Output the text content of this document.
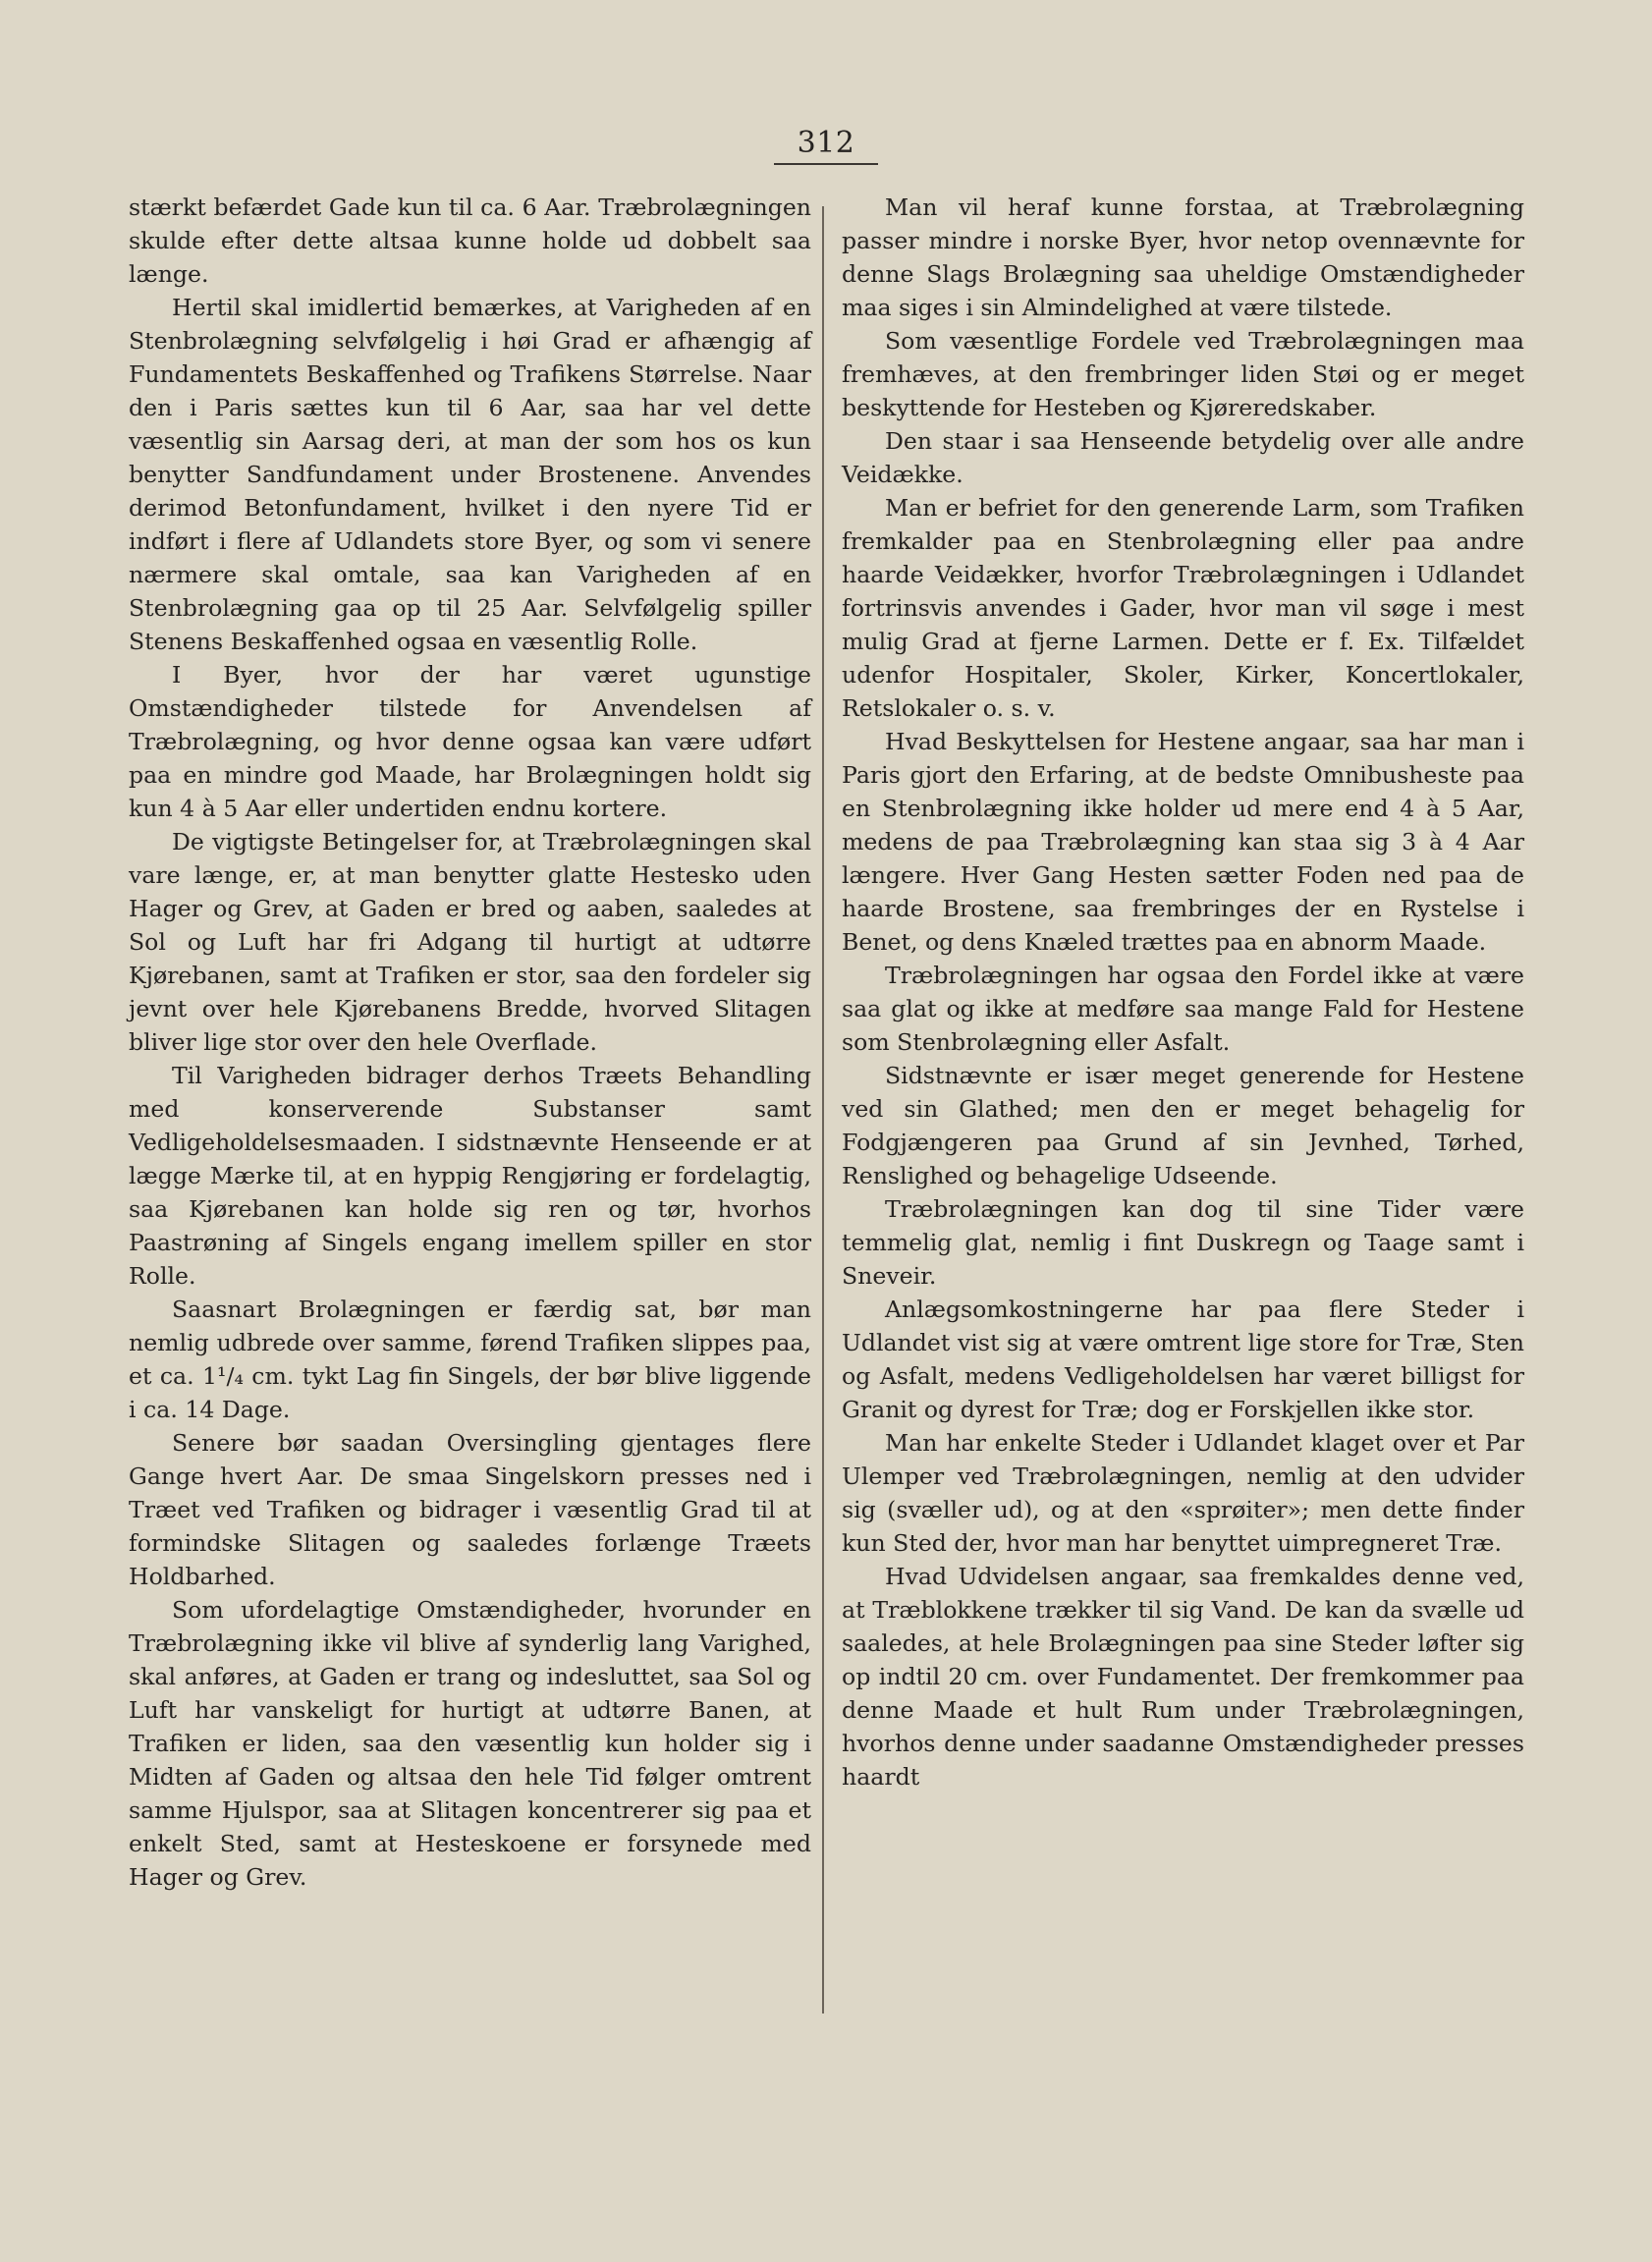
312

stærkt befærdet Gade kun til ca. 6 Aar. Træbrolægningen skulde efter dette altsaa kunne holde ud dobbelt saa længe.

Hertil skal imidlertid bemærkes, at Varigheden af en Stenbrolægning selvfølgelig i høi Grad er afhængig af Fundamentets Beskaffenhed og Trafikens Størrelse. Naar den i Paris sættes kun til 6 Aar, saa har vel dette væsentlig sin Aarsag deri, at man der som hos os kun benytter Sandfundament under Brostenene. Anvendes derimod Betonfundament, hvilket i den nyere Tid er indført i flere af Udlandets store Byer, og som vi senere nærmere skal omtale, saa kan Varigheden af en Stenbrolægning gaa op til 25 Aar. Selvfølgelig spiller Stenens Beskaffenhed ogsaa en væsentlig Rolle.

I Byer, hvor der har været ugunstige Omstændigheder tilstede for Anvendelsen af Træbrolægning, og hvor denne ogsaa kan være udført paa en mindre god Maade, har Brolægningen holdt sig kun 4 à 5 Aar eller undertiden endnu kortere.

De vigtigste Betingelser for, at Træbrolægningen skal vare længe, er, at man benytter glatte Hestesko uden Hager og Grev, at Gaden er bred og aaben, saaledes at Sol og Luft har fri Adgang til hurtigt at udtørre Kjørebanen, samt at Trafiken er stor, saa den fordeler sig jevnt over hele Kjørebanens Bredde, hvorved Slitagen bliver lige stor over den hele Overflade.

Til Varigheden bidrager derhos Træets Behandling med konserverende Substanser samt Vedligeholdelsesmaaden. I sidstnævnte Henseende er at lægge Mærke til, at en hyppig Rengjøring er fordelagtig, saa Kjørebanen kan holde sig ren og tør, hvorhos Paastrøning af Singels engang imellem spiller en stor Rolle.

Saasnart Brolægningen er færdig sat, bør man nemlig udbrede over samme, førend Trafiken slippes paa, et ca. 1¹/₄ cm. tykt Lag fin Singels, der bør blive liggende i ca. 14 Dage.

Senere bør saadan Oversingling gjentages flere Gange hvert Aar. De smaa Singelskorn presses ned i Træet ved Trafiken og bidrager i væsentlig Grad til at formindske Slitagen og saaledes forlænge Træets Holdbarhed.

Som ufordelagtige Omstændigheder, hvorunder en Træbrolægning ikke vil blive af synderlig lang Varighed, skal anføres, at Gaden er trang og indesluttet, saa Sol og Luft har vanskeligt for hurtigt at udtørre Banen, at Trafiken er liden, saa den væsentlig kun holder sig i Midten af Gaden og altsaa den hele Tid følger omtrent samme Hjulspor, saa at Slitagen koncentrerer sig paa et enkelt Sted, samt at Hesteskoene er forsynede med Hager og Grev.

Man vil heraf kunne forstaa, at Træbrolægning passer mindre i norske Byer, hvor netop ovennævnte for denne Slags Brolægning saa uheldige Omstændigheder maa siges i sin Almindelighed at være tilstede.

Som væsentlige Fordele ved Træbrolægningen maa fremhæves, at den frembringer liden Støi og er meget beskyttende for Hesteben og Kjøreredskaber.

Den staar i saa Henseende betydelig over alle andre Veidække.

Man er befriet for den generende Larm, som Trafiken fremkalder paa en Stenbrolægning eller paa andre haarde Veidækker, hvorfor Træbrolægningen i Udlandet fortrinsvis anvendes i Gader, hvor man vil søge i mest mulig Grad at fjerne Larmen. Dette er f. Ex. Tilfældet udenfor Hospitaler, Skoler, Kirker, Koncertlokaler, Retslokaler o. s. v.

Hvad Beskyttelsen for Hestene angaar, saa har man i Paris gjort den Erfaring, at de bedste Omnibusheste paa en Stenbrolægning ikke holder ud mere end 4 à 5 Aar, medens de paa Træbrolægning kan staa sig 3 à 4 Aar længere. Hver Gang Hesten sætter Foden ned paa de haarde Brostene, saa frembringes der en Rystelse i Benet, og dens Knæled trættes paa en abnorm Maade.

Træbrolægningen har ogsaa den Fordel ikke at være saa glat og ikke at medføre saa mange Fald for Hestene som Stenbrolægning eller Asfalt.

Sidstnævnte er især meget generende for Hestene ved sin Glathed; men den er meget behagelig for Fodgjængeren paa Grund af sin Jevnhed, Tørhed, Renslighed og behagelige Udseende.

Træbrolægningen kan dog til sine Tider være temmelig glat, nemlig i fint Duskregn og Taage samt i Sneveir.

Anlægsomkostningerne har paa flere Steder i Udlandet vist sig at være omtrent lige store for Træ, Sten og Asfalt, medens Vedligeholdelsen har været billigst for Granit og dyrest for Træ; dog er Forskjellen ikke stor.

Man har enkelte Steder i Udlandet klaget over et Par Ulemper ved Træbrolægningen, nemlig at den udvider sig (svæller ud), og at den «sprøiter»; men dette finder kun Sted der, hvor man har benyttet uimpregneret Træ.

Hvad Udvidelsen angaar, saa fremkaldes denne ved, at Træblokkene trækker til sig Vand. De kan da svælle ud saaledes, at hele Brolægningen paa sine Steder løfter sig op indtil 20 cm. over Fundamentet. Der fremkommer paa denne Maade et hult Rum under Træbrolægningen, hvorhos denne under saadanne Omstændigheder presses haardt
